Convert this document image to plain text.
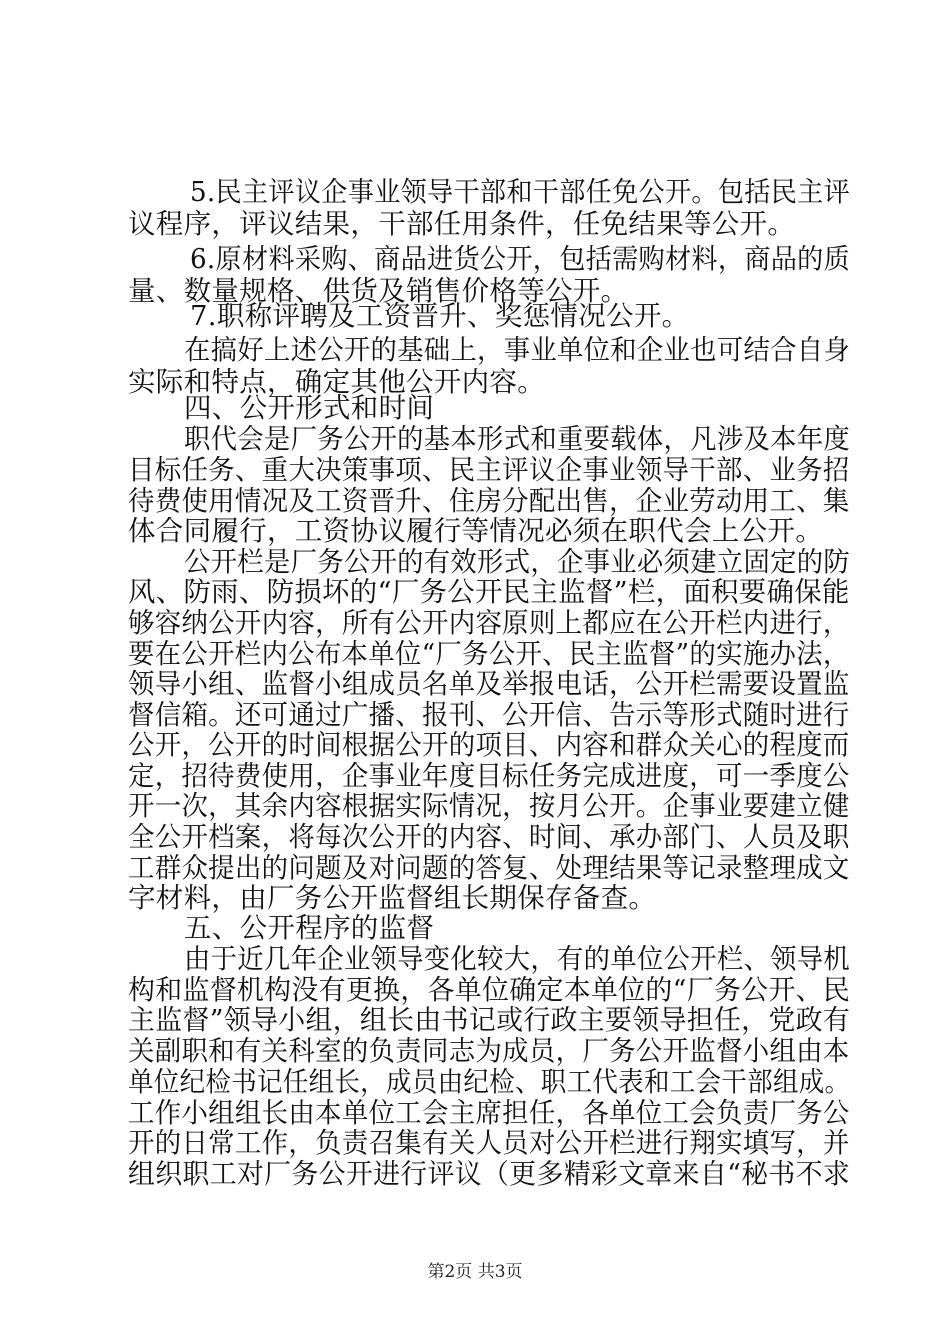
5.民主评议企事业领导干部和干部任免公开。包括民主评
议程序，评议结果，干部任用条件，任免结果等公开。
6.原材料采购、商品进货公开，包括需购材料，商品的质
量、数量规格、供货及销售价格等公开。
7.职称评聘及工资晋升、奖惩情况公开。
在搞好上述公开的基础上，事业单位和企业也可结合自身
实际和特点，确定其他公开内容。
四、公开形式和时间
职代会是厂务公开的基本形式和重要载体，凡涉及本年度
目标任务、重大决策事项、民主评议企事业领导干部、业务招
待费使用情况及工资晋升、住房分配出售，企业劳动用工、集
体合同履行，工资协议履行等情况必须在职代会上公开。
公开栏是厂务公开的有效形式，企事业必须建立固定的防
风、防雨、防损坏的“厂务公开民主监督”栏，面积要确保能
够容纳公开内容，所有公开内容原则上都应在公开栏内进行，
要在公开栏内公布本单位“厂务公开、民主监督”的实施办法，
领导小组、监督小组成员名单及举报电话，公开栏需要设置监
督信箱。还可通过广播、报刊、公开信、告示等形式随时进行
公开，公开的时间根据公开的项目、内容和群众关心的程度而
定，招待费使用，企事业年度目标任务完成进度，可一季度公
开一次，其余内容根据实际情况，按月公开。企事业要建立健
全公开档案，将每次公开的内容、时间、承办部门、人员及职
工群众提出的问题及对问题的答复、处理结果等记录整理成文
字材料，由厂务公开监督组长期保存备查。
五、公开程序的监督
由于近几年企业领导变化较大，有的单位公开栏、领导机
构和监督机构没有更换，各单位确定本单位的“厂务公开、民
主监督”领导小组，组长由书记或行政主要领导担任，党政有
关副职和有关科室的负责同志为成员，厂务公开监督小组由本
单位纪检书记任组长，成员由纪检、职工代表和工会干部组成。
工作小组组长由本单位工会主席担任，各单位工会负责厂务公
开的日常工作，负责召集有关人员对公开栏进行翔实填写，并
组织职工对厂务公开进行评议（更多精彩文章来自“秘书不求
第2页 共3页
